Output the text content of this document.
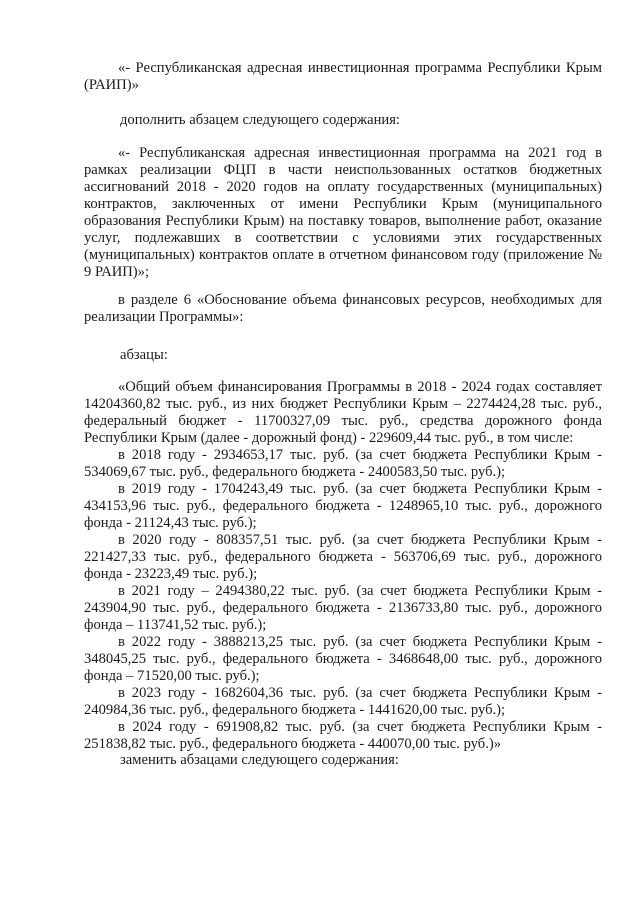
«- Республиканская адресная инвестиционная программа Республики Крым (РАИП)»

дополнить абзацем следующего содержания:

«- Республиканская адресная инвестиционная программа на 2021 год в рамках реализации ФЦП в части неиспользованных остатков бюджетных ассигнований 2018 - 2020 годов на оплату государственных (муниципальных) контрактов, заключенных от имени Республики Крым (муниципального образования Республики Крым) на поставку товаров, выполнение работ, оказание услуг, подлежавших в соответствии с условиями этих государственных (муниципальных) контрактов оплате в отчетном финансовом году (приложение № 9 РАИП)»;

в разделе 6 «Обоснование объема финансовых ресурсов, необходимых для реализации Программы»:

абзацы:

«Общий объем финансирования Программы в 2018 - 2024 годах составляет 14204360,82 тыс. руб., из них бюджет Республики Крым – 2274424,28 тыс. руб., федеральный бюджет - 11700327,09 тыс. руб., средства дорожного фонда Республики Крым (далее - дорожный фонд) - 229609,44 тыс. руб., в том числе:

в 2018 году - 2934653,17 тыс. руб. (за счет бюджета Республики Крым - 534069,67 тыс. руб., федерального бюджета - 2400583,50 тыс. руб.);

в 2019 году - 1704243,49 тыс. руб. (за счет бюджета Республики Крым - 434153,96 тыс. руб., федерального бюджета - 1248965,10 тыс. руб., дорожного фонда - 21124,43 тыс. руб.);

в 2020 году - 808357,51 тыс. руб. (за счет бюджета Республики Крым - 221427,33 тыс. руб., федерального бюджета - 563706,69 тыс. руб., дорожного фонда - 23223,49 тыс. руб.);

в 2021 году – 2494380,22 тыс. руб. (за счет бюджета Республики Крым - 243904,90 тыс. руб., федерального бюджета - 2136733,80 тыс. руб., дорожного фонда – 113741,52 тыс. руб.);

в 2022 году - 3888213,25 тыс. руб. (за счет бюджета Республики Крым - 348045,25 тыс. руб., федерального бюджета - 3468648,00 тыс. руб., дорожного фонда – 71520,00 тыс. руб.);

в 2023 году - 1682604,36 тыс. руб. (за счет бюджета Республики Крым - 240984,36 тыс. руб., федерального бюджета - 1441620,00 тыс. руб.);

в 2024 году - 691908,82 тыс. руб. (за счет бюджета Республики Крым - 251838,82 тыс. руб., федерального бюджета - 440070,00 тыс. руб.)»

заменить абзацами следующего содержания:
